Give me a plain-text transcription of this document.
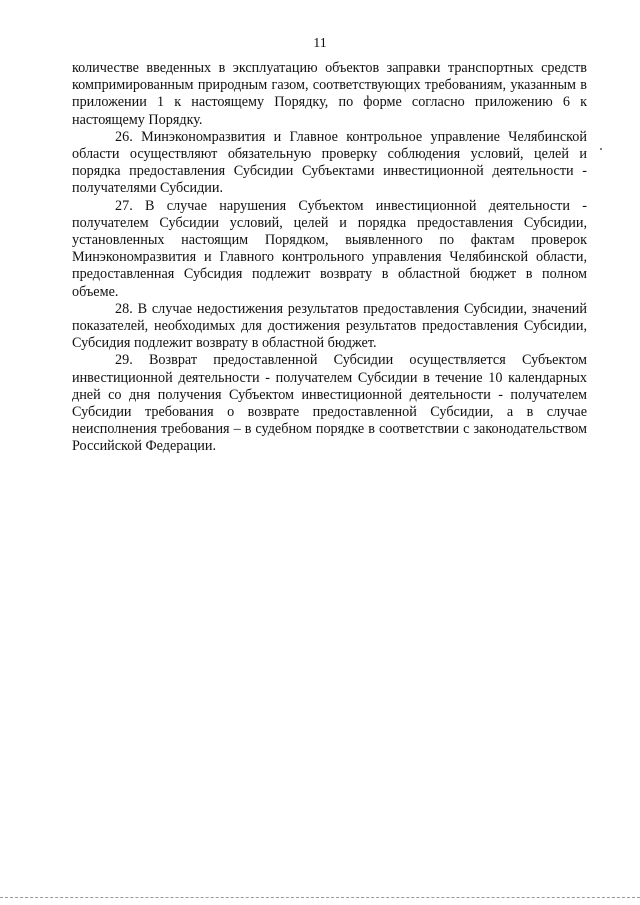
11

количестве введенных в эксплуатацию объектов заправки транспортных средств компримированным природным газом, соответствующих требованиям, указанным в приложении 1 к настоящему Порядку, по форме согласно приложению 6 к настоящему Порядку.

26. Минэкономразвития и Главное контрольное управление Челябинской области осуществляют обязательную проверку соблюдения условий, целей и порядка предоставления Субсидии Субъектами инвестиционной деятельности - получателями Субсидии.

27. В случае нарушения Субъектом инвестиционной деятельности - получателем Субсидии условий, целей и порядка предоставления Субсидии, установленных настоящим Порядком, выявленного по фактам проверок Минэкономразвития и Главного контрольного управления Челябинской области, предоставленная Субсидия подлежит возврату в областной бюджет в полном объеме.

28. В случае недостижения результатов предоставления Субсидии, значений показателей, необходимых для достижения результатов предоставления Субсидии, Субсидия подлежит возврату в областной бюджет.

29. Возврат предоставленной Субсидии осуществляется Субъектом инвестиционной деятельности - получателем Субсидии в течение 10 календарных дней со дня получения Субъектом инвестиционной деятельности - получателем Субсидии требования о возврате предоставленной Субсидии, а в случае неисполнения требования – в судебном порядке в соответствии с законодательством Российской Федерации.
